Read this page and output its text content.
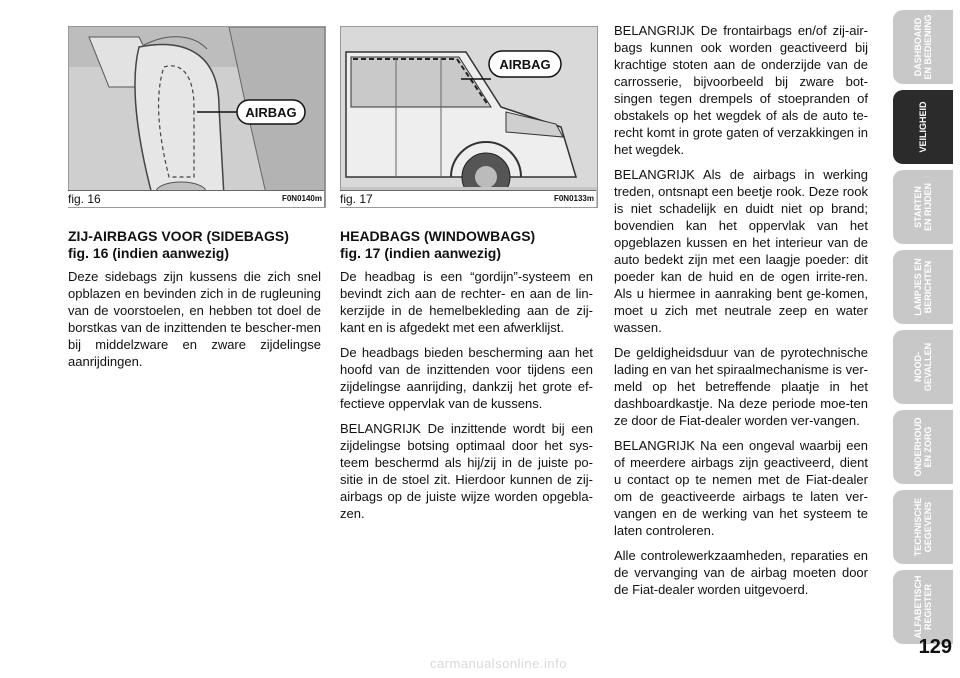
AIRBAG
fig. 16	F0N0140m
AIRBAG
fig. 17	F0N0133m
ZIJ-AIRBAGS VOOR (SIDEBAGS)
fig. 16 (indien aanwezig)

Deze sidebags zijn kussens die zich snel opblazen en bevinden zich in de rugleuning van de voorstoelen, en hebben tot doel de borstkas van de inzittenden te bescher-men bij middelzware en zware zijdelingse aanrijdingen.

HEADBAGS (WINDOWBAGS)
fig. 17 (indien aanwezig)

De headbag is een “gordijn”-systeem en bevindt zich aan de rechter- en aan de lin-kerzijde in de hemelbekleding aan de zij-kant en is afgedekt met een afwerklijst.

De headbags bieden bescherming aan het hoofd van de inzittenden voor tijdens een zijdelingse aanrijding, dankzij het grote ef-fectieve oppervlak van de kussens.

BELANGRIJK De inzittende wordt bij een zijdelingse botsing optimaal door het sys-teem beschermd als hij/zij in de juiste po-sitie in de stoel zit. Hierdoor kunnen de zij-airbags op de juiste wijze worden opgebla-zen.

BELANGRIJK De frontairbags en/of zij-air-bags kunnen ook worden geactiveerd bij krachtige stoten aan de onderzijde van de carrosserie, bijvoorbeeld bij zware bot-singen tegen drempels of stoepranden of obstakels op het wegdek of als de auto te-recht komt in grote gaten of verzakkingen in het wegdek.

BELANGRIJK Als de airbags in werking treden, ontsnapt een beetje rook. Deze rook is niet schadelijk en duidt niet op brand; bovendien kan het oppervlak van het opgeblazen kussen en het interieur van de auto bedekt zijn met een laagje poeder: dit poeder kan de huid en de ogen irrite-ren. Als u hiermee in aanraking bent ge-komen, moet u zich met neutrale zeep en water wassen.

De geldigheidsduur van de pyrotechnische lading en van het spiraalmechanisme is ver-meld op het betreffende plaatje in het dashboardkastje. Na deze periode moe-ten ze door de Fiat-dealer worden ver-vangen.

BELANGRIJK Na een ongeval waarbij een of meerdere airbags zijn geactiveerd, dient u contact op te nemen met de Fiat-dealer om de geactiveerde airbags te laten ver-vangen en de werking van het systeem te laten controleren.

Alle controlewerkzaamheden, reparaties en de vervanging van de airbag moeten door de Fiat-dealer worden uitgevoerd.

DASHBOARD
EN BEDIENING
VEILIGHEID
STARTEN
EN RIJDEN
LAMPJES EN
BERICHTEN
NOOD-
GEVALLEN
ONDERHOUD
EN ZORG
TECHNISCHE
GEGEVENS
ALFABETISCH
REGISTER
129
carmanualsonline.info
